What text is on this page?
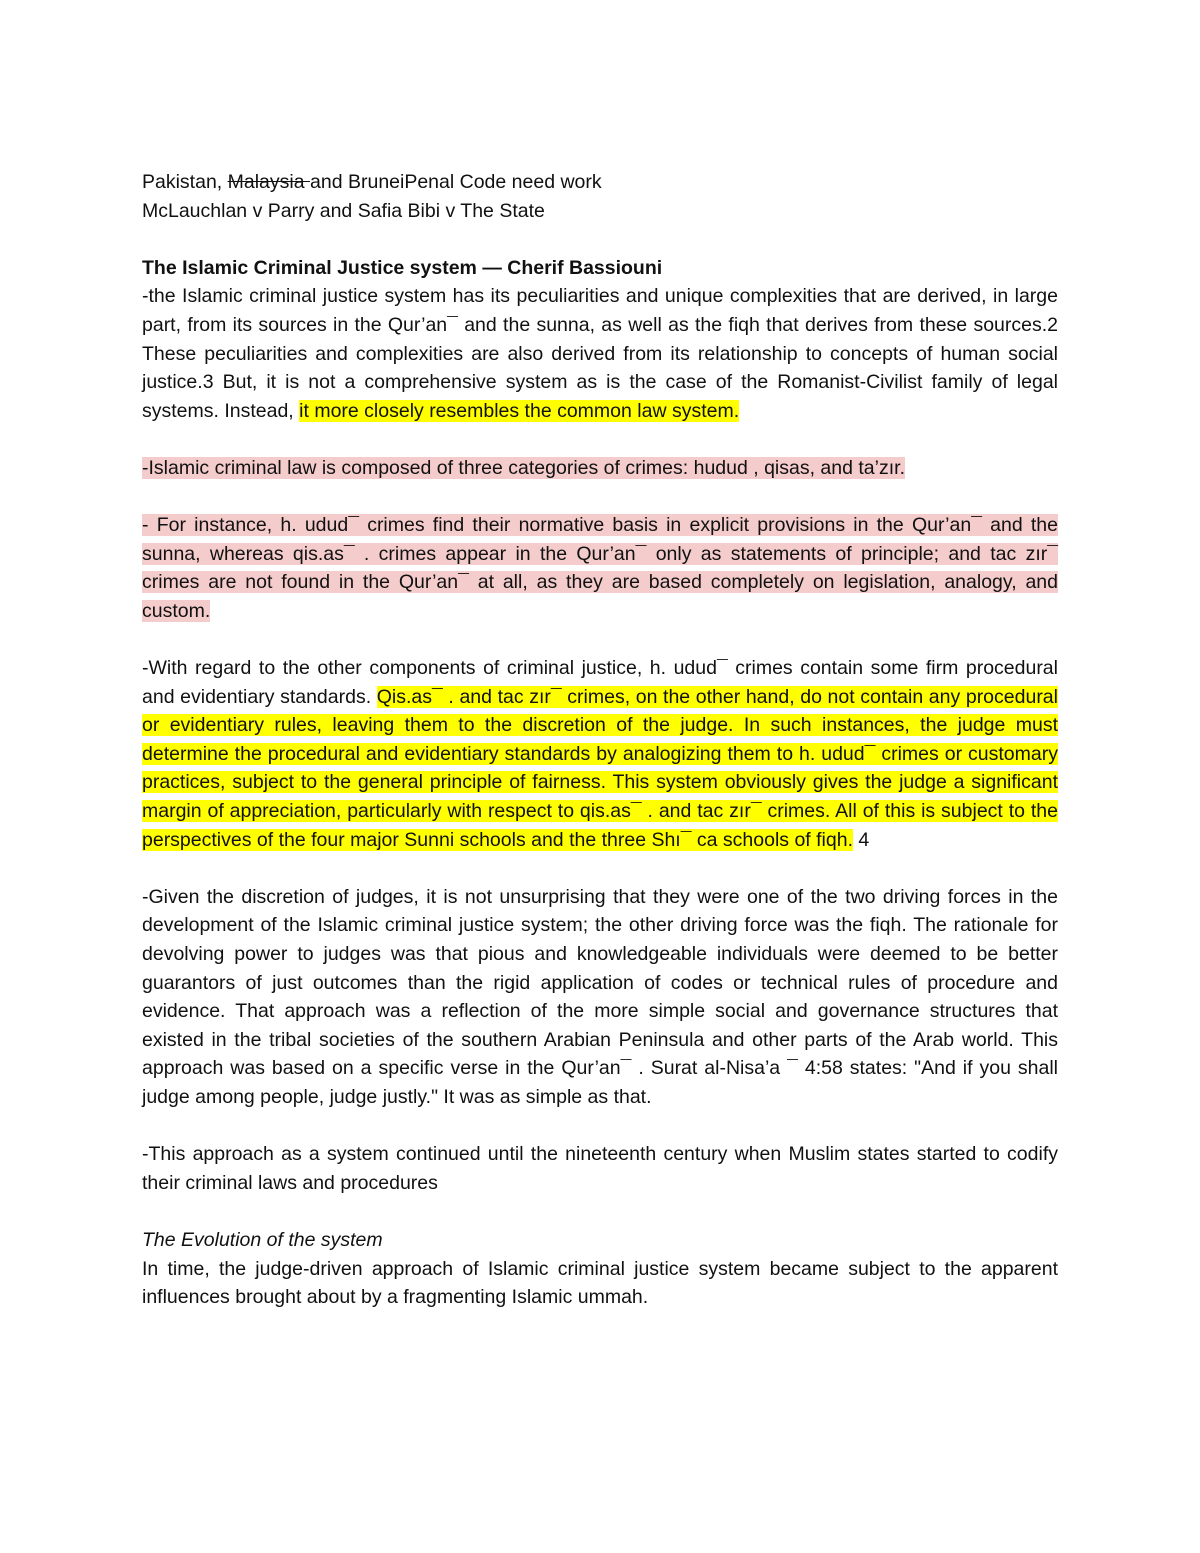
Pakistan, Malaysia and BruneiPenal Code need work

McLauchlan v Parry and Safia Bibi v The State

The Islamic Criminal Justice system — Cherif Bassiouni

-the Islamic criminal justice system has its peculiarities and unique complexities that are derived, in large part, from its sources in the Qur’an¯ and the sunna, as well as the fiqh that derives from these sources.2 These peculiarities and complexities are also derived from its relationship to concepts of human social justice.3 But, it is not a comprehensive system as is the case of the Romanist-Civilist family of legal systems. Instead, it more closely resembles the common law system.

-Islamic criminal law is composed of three categories of crimes: hudud , qisas, and ta’zır.

- For instance, h. udud¯ crimes find their normative basis in explicit provisions in the Qur’an¯ and the sunna, whereas qis.as¯ . crimes appear in the Qur’an¯ only as statements of principle; and tac zır¯ crimes are not found in the Qur’an¯ at all, as they are based completely on legislation, analogy, and custom.

-With regard to the other components of criminal justice, h. udud¯ crimes contain some firm procedural and evidentiary standards. Qis.as¯ . and tac zır¯ crimes, on the other hand, do not contain any procedural or evidentiary rules, leaving them to the discretion of the judge. In such instances, the judge must determine the procedural and evidentiary standards by analogizing them to h. udud¯ crimes or customary practices, subject to the general principle of fairness. This system obviously gives the judge a significant margin of appreciation, particularly with respect to qis.as¯ . and tac zır¯ crimes. All of this is subject to the perspectives of the four major Sunni schools and the three Shı¯ ca schools of fiqh. 4

-Given the discretion of judges, it is not unsurprising that they were one of the two driving forces in the development of the Islamic criminal justice system; the other driving force was the fiqh. The rationale for devolving power to judges was that pious and knowledgeable individuals were deemed to be better guarantors of just outcomes than the rigid application of codes or technical rules of procedure and evidence. That approach was a reflection of the more simple social and governance structures that existed in the tribal societies of the southern Arabian Peninsula and other parts of the Arab world. This approach was based on a specific verse in the Qur’an¯ . Surat al-Nisa’a ¯ 4:58 states: "And if you shall judge among people, judge justly." It was as simple as that.

-This approach as a system continued until the nineteenth century when Muslim states started to codify their criminal laws and procedures

The Evolution of the system

In time, the judge-driven approach of Islamic criminal justice system became subject to the apparent influences brought about by a fragmenting Islamic ummah.
